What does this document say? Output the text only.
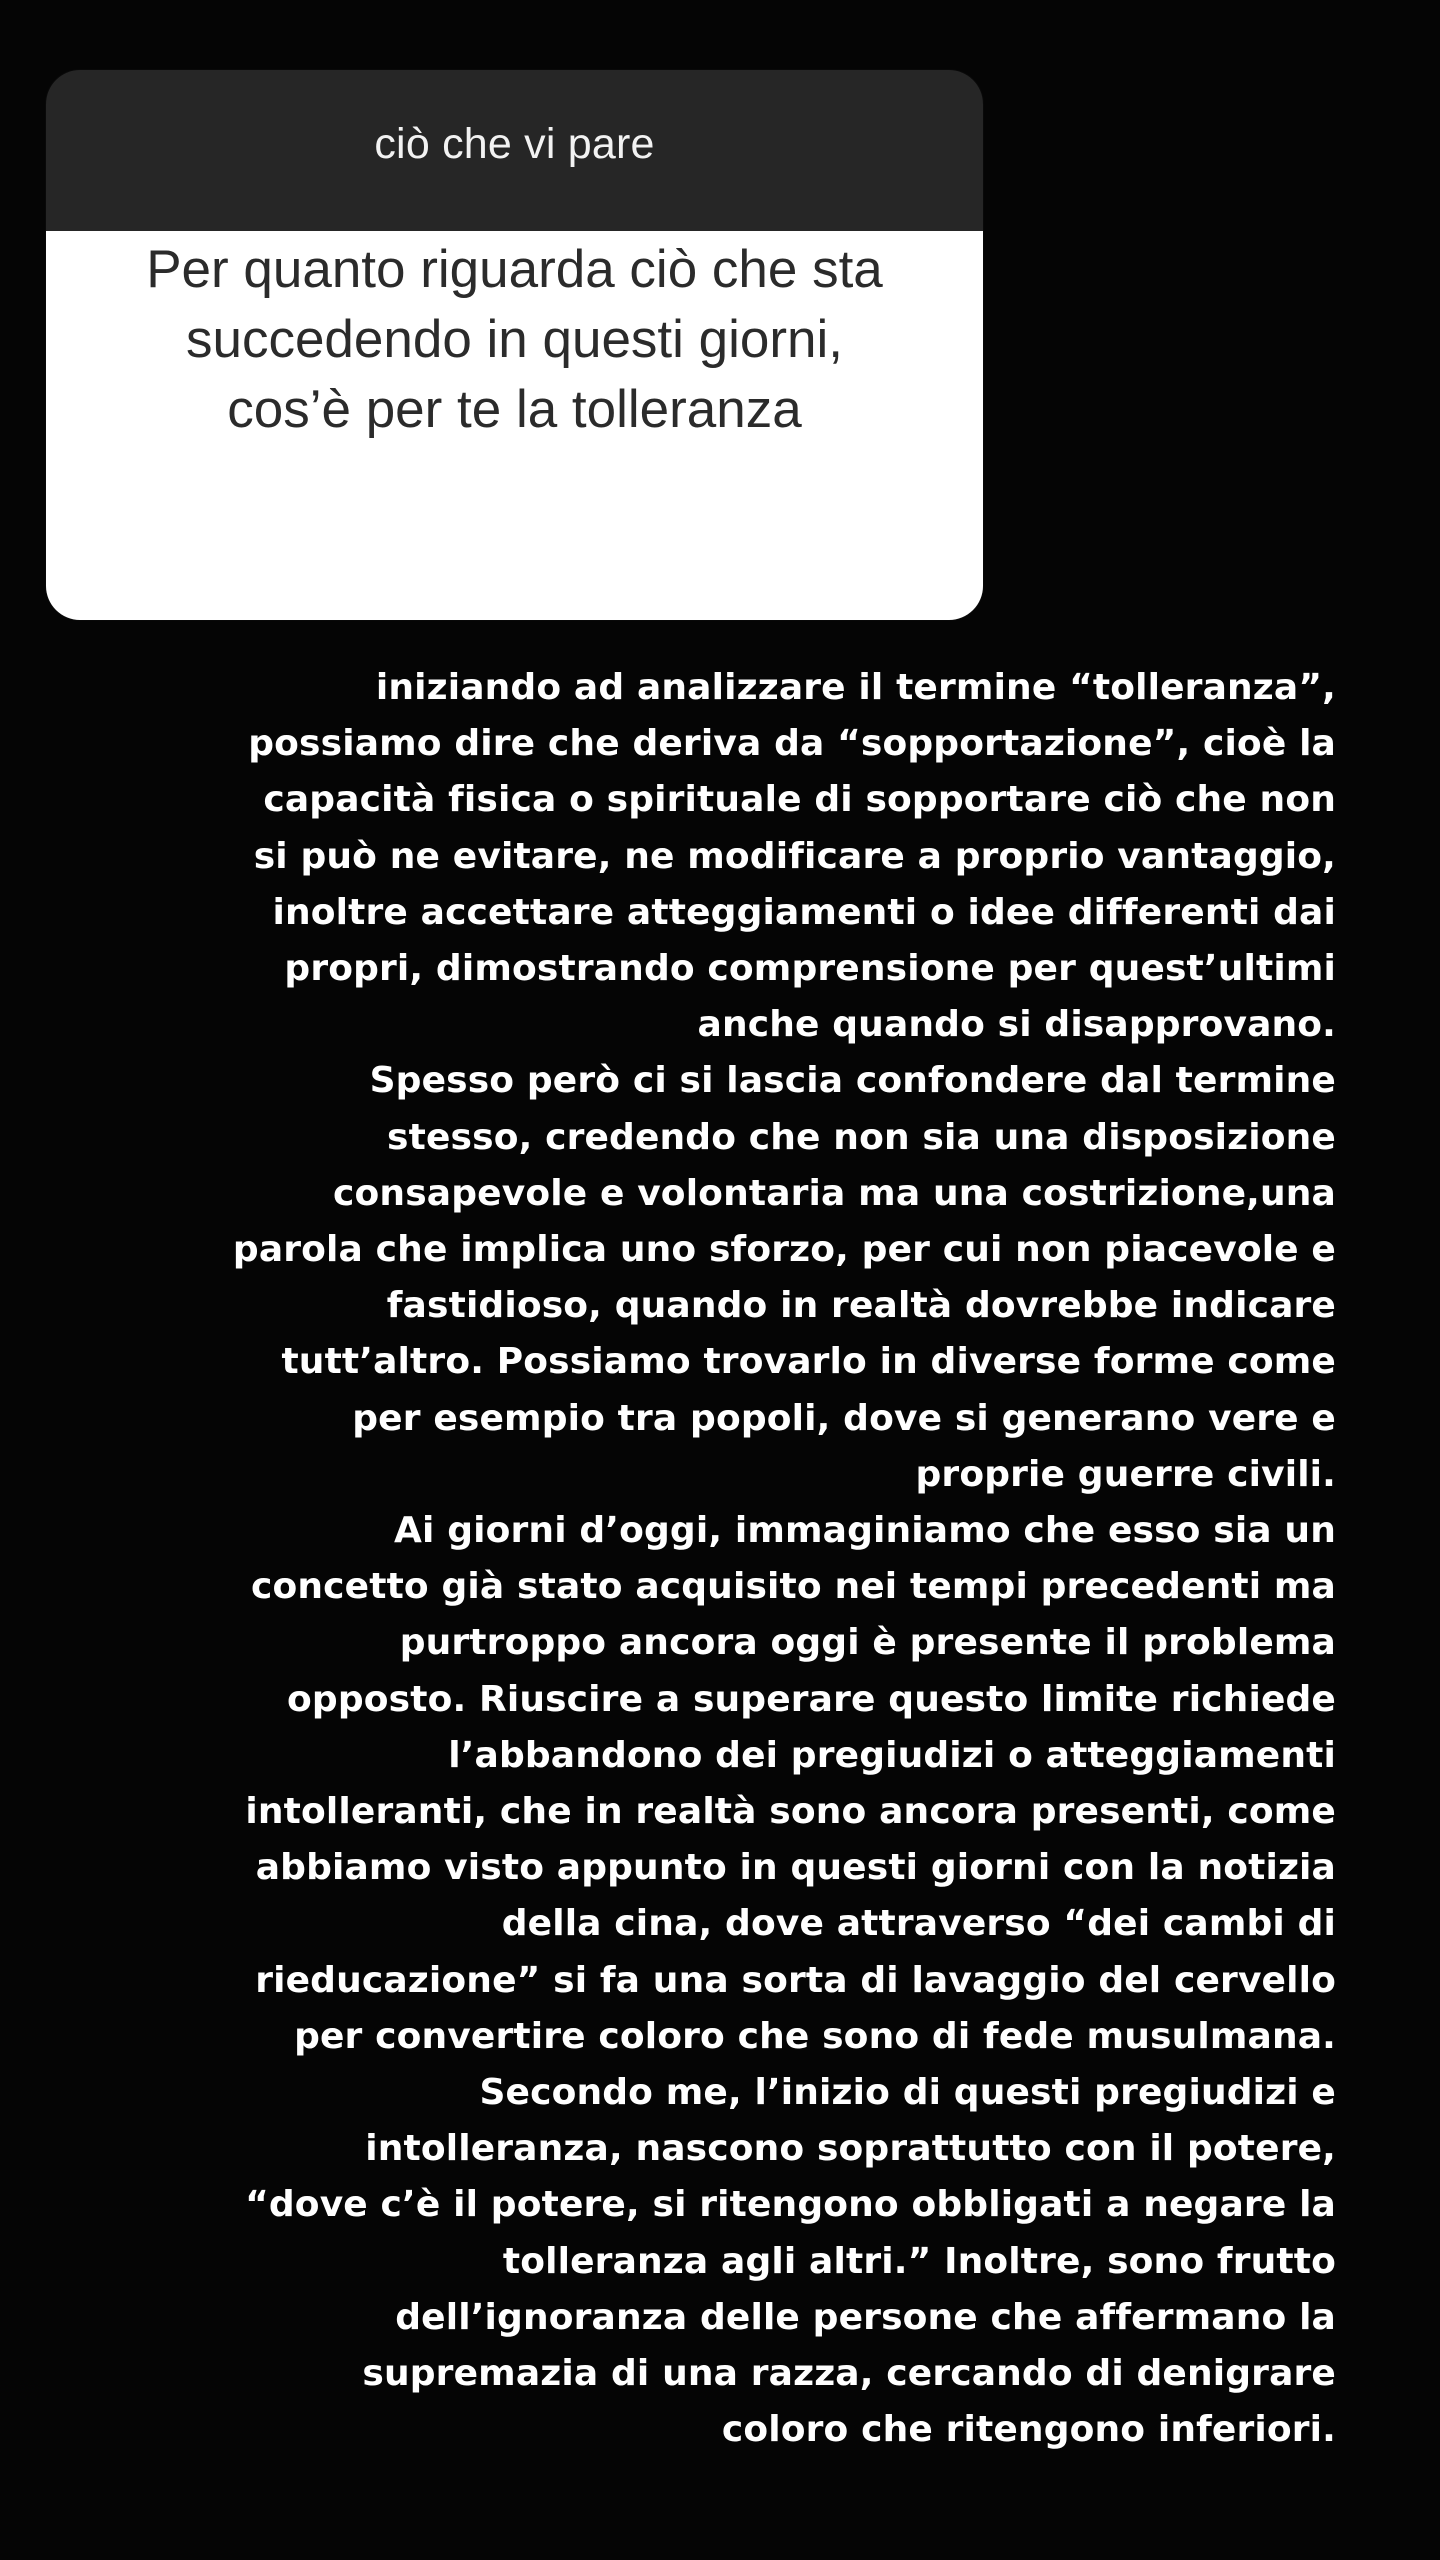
ciò che vi pare
Per quanto riguarda ciò che sta
succedendo in questi giorni,
cos’è per te la tolleranza
iniziando ad analizzare il termine “tolleranza”,
possiamo dire che deriva da “sopportazione”, cioè la
capacità fisica o spirituale di sopportare ciò che non
si può ne evitare, ne modificare a proprio vantaggio,
inoltre accettare atteggiamenti o idee differenti dai
propri, dimostrando comprensione per quest’ultimi
anche quando si disapprovano.
Spesso però ci si lascia confondere dal termine
stesso, credendo che non sia una disposizione
consapevole e volontaria ma una costrizione,una
parola che implica uno sforzo, per cui non piacevole e
fastidioso, quando in realtà dovrebbe indicare
tutt’altro. Possiamo trovarlo in diverse forme come
per esempio tra popoli, dove si generano vere e
proprie guerre civili.
Ai giorni d’oggi, immaginiamo che esso sia un
concetto già stato acquisito nei tempi precedenti ma
purtroppo ancora oggi è presente il problema
opposto. Riuscire a superare questo limite richiede
l’abbandono dei pregiudizi o atteggiamenti
intolleranti, che in realtà sono ancora presenti, come
abbiamo visto appunto in questi giorni con la notizia
della cina, dove attraverso “dei cambi di
rieducazione” si fa una sorta di lavaggio del cervello
per convertire coloro che sono di fede musulmana.
Secondo me, l’inizio di questi pregiudizi e
intolleranza, nascono soprattutto con il potere,
“dove c’è il potere, si ritengono obbligati a negare la
tolleranza agli altri.” Inoltre, sono frutto
dell’ignoranza delle persone che affermano la
supremazia di una razza, cercando di denigrare
coloro che ritengono inferiori.
